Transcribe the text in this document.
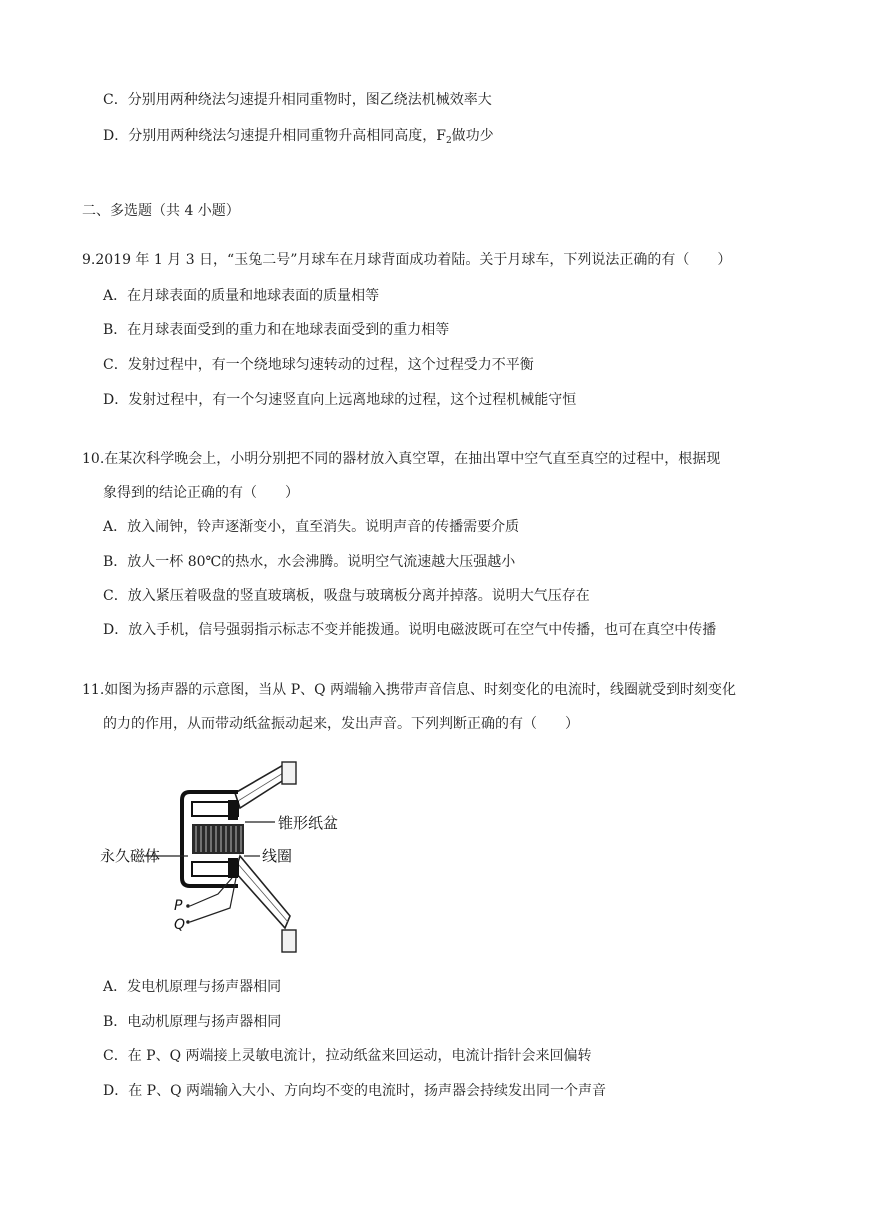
C．分别用两种绕法匀速提升相同重物时，图乙绕法机械效率大
D．分别用两种绕法匀速提升相同重物升高相同高度，$F_2$做功少
二、多选题（共 4 小题）
9.2019 年 1 月 3 日，“玉兔二号”月球车在月球背面成功着陆。关于月球车，下列说法正确的有（　　）
A．在月球表面的质量和地球表面的质量相等
B．在月球表面受到的重力和在地球表面受到的重力相等
C．发射过程中，有一个绕地球匀速转动的过程，这个过程受力不平衡
D．发射过程中，有一个匀速竖直向上远离地球的过程，这个过程机械能守恒
10.在某次科学晚会上，小明分别把不同的器材放入真空罩，在抽出罩中空气直至真空的过程中，根据现
象得到的结论正确的有（　　）
A．放入闹钟，铃声逐渐变小，直至消失。说明声音的传播需要介质
B．放人一杯 80℃的热水，水会沸腾。说明空气流速越大压强越小
C．放入紧压着吸盘的竖直玻璃板，吸盘与玻璃板分离并掉落。说明大气压存在
D．放入手机，信号强弱指示标志不变并能拨通。说明电磁波既可在空气中传播，也可在真空中传播
11.如图为扬声器的示意图，当从 P、Q 两端输入携带声音信息、时刻变化的电流时，线圈就受到时刻变化
的力的作用，从而带动纸盆振动起来，发出声音。下列判断正确的有（　　）
锥形纸盆
永久磁体	线圈
P
Q
A．发电机原理与扬声器相同
B．电动机原理与扬声器相同
C．在 P、Q 两端接上灵敏电流计，拉动纸盆来回运动，电流计指针会来回偏转
D．在 P、Q 两端输入大小、方向均不变的电流时，扬声器会持续发出同一个声音
